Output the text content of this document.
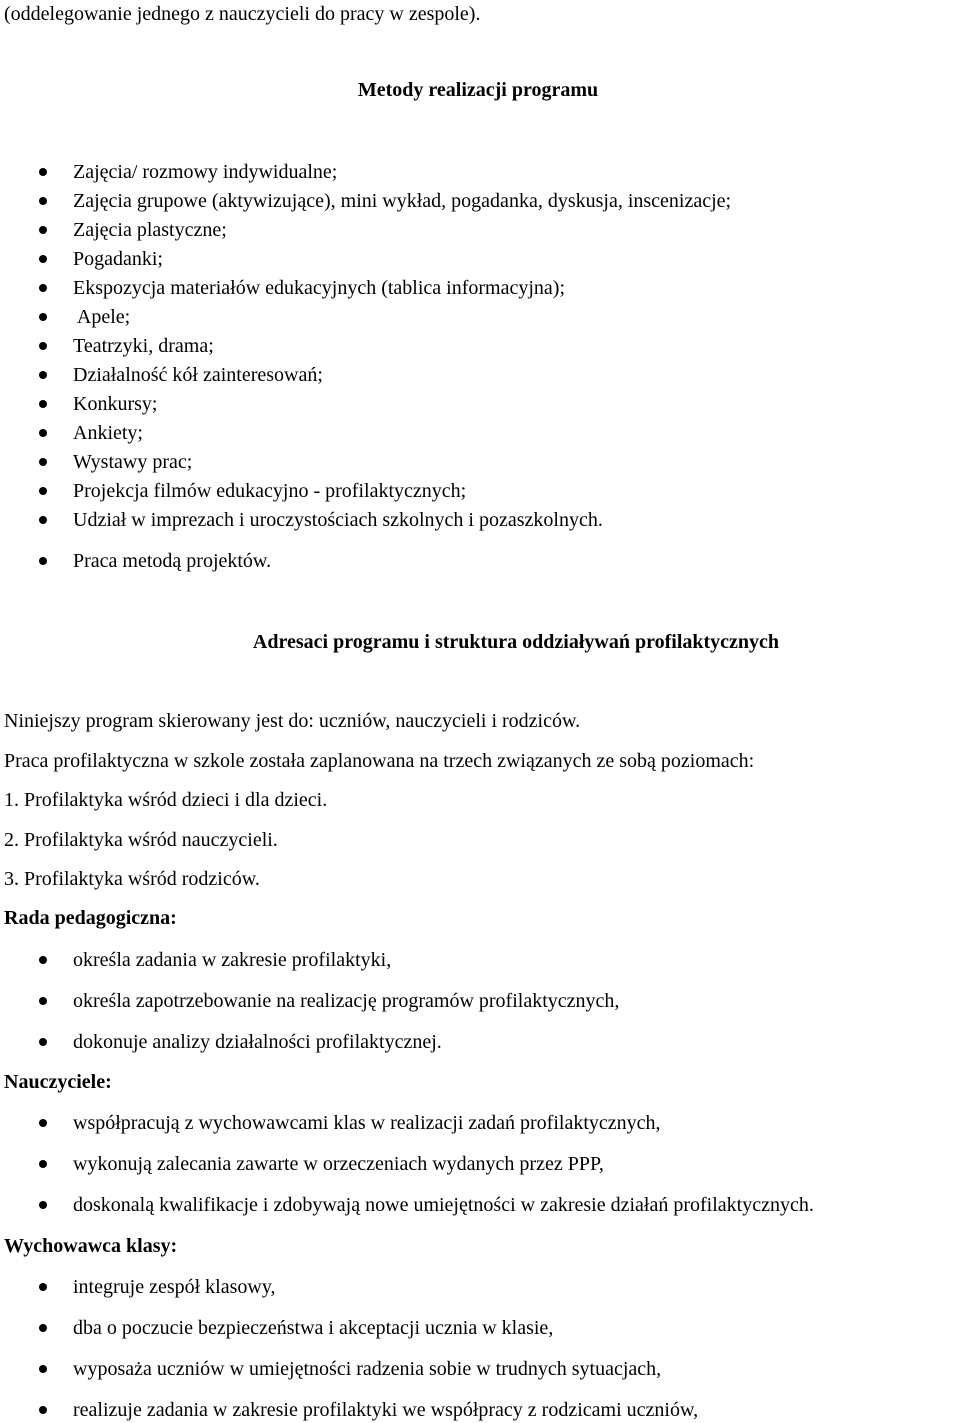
(oddelegowanie jednego z nauczycieli do pracy w zespole).
Metody realizacji programu
Zajęcia/ rozmowy indywidualne;
Zajęcia grupowe (aktywizujące), mini wykład, pogadanka, dyskusja, inscenizacje;
Zajęcia plastyczne;
Pogadanki;
Ekspozycja materiałów edukacyjnych (tablica informacyjna);
Apele;
Teatrzyki, drama;
Działalność kół zainteresowań;
Konkursy;
Ankiety;
Wystawy prac;
Projekcja filmów edukacyjno - profilaktycznych;
Udział w imprezach i uroczystościach szkolnych i pozaszkolnych.
Praca metodą projektów.
Adresaci programu i struktura oddziaływań profilaktycznych
Niniejszy program skierowany jest do: uczniów, nauczycieli i rodziców.
Praca profilaktyczna w szkole została zaplanowana na trzech związanych ze sobą poziomach:
1. Profilaktyka wśród dzieci i dla dzieci.
2. Profilaktyka wśród nauczycieli.
3. Profilaktyka wśród rodziców.
Rada pedagogiczna:
określa zadania w zakresie profilaktyki,
określa zapotrzebowanie na realizację programów profilaktycznych,
dokonuje analizy działalności profilaktycznej.
Nauczyciele:
współpracują z wychowawcami klas w realizacji zadań profilaktycznych,
wykonują zalecania zawarte w orzeczeniach wydanych przez PPP,
doskonalą kwalifikacje i zdobywają nowe umiejętności w zakresie działań profilaktycznych.
Wychowawca klasy:
integruje zespół klasowy,
dba o poczucie bezpieczeństwa i akceptacji ucznia w klasie,
wyposaża uczniów w umiejętności radzenia sobie w trudnych sytuacjach,
realizuje zadania w zakresie profilaktyki we współpracy z rodzicami uczniów,
